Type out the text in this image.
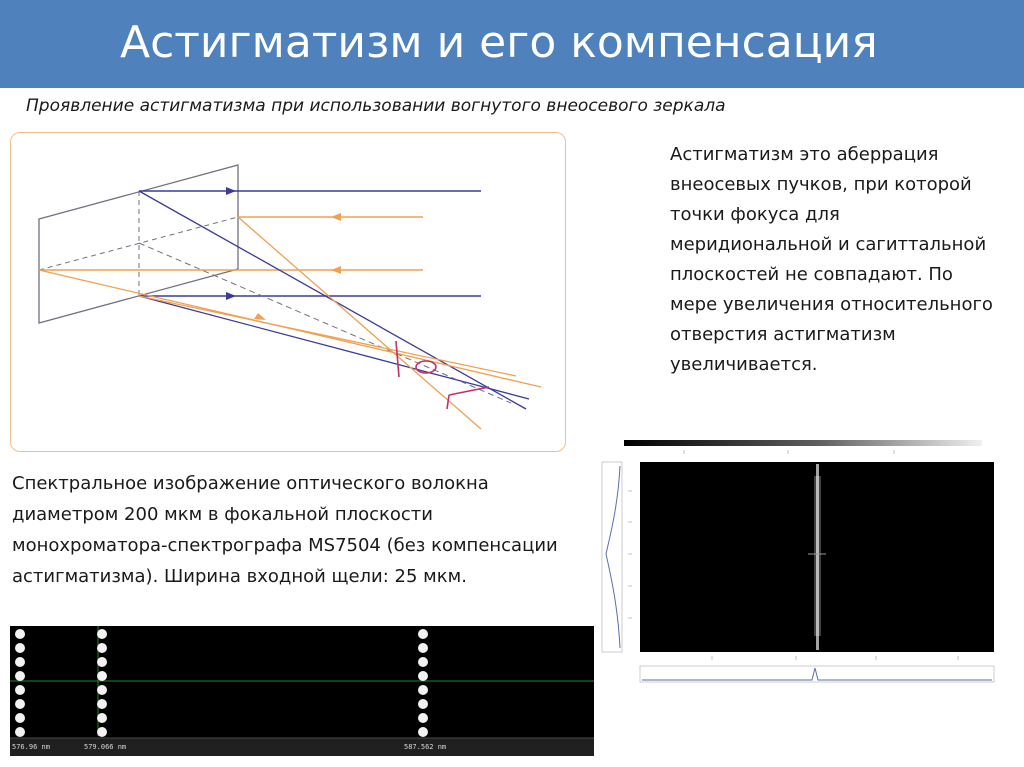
Астигматизм и его компенсация
Проявление астигматизма при использовании вогнутого внеосевого зеркала
Астигматизм это аберрация внеосевых пучков, при которой точки фокуса для меридиональной и сагиттальной плоскостей не совпадают. По мере увеличения относительного отверстия астигматизм увеличивается.
Спектральное изображение оптического волокна диаметром 200 мкм в фокальной плоскости монохроматора-спектрографа MS7504 (без компенсации астигматизма). Ширина входной щели: 25 мкм.
576.96 nm	579.066 nm	587.562 nm
